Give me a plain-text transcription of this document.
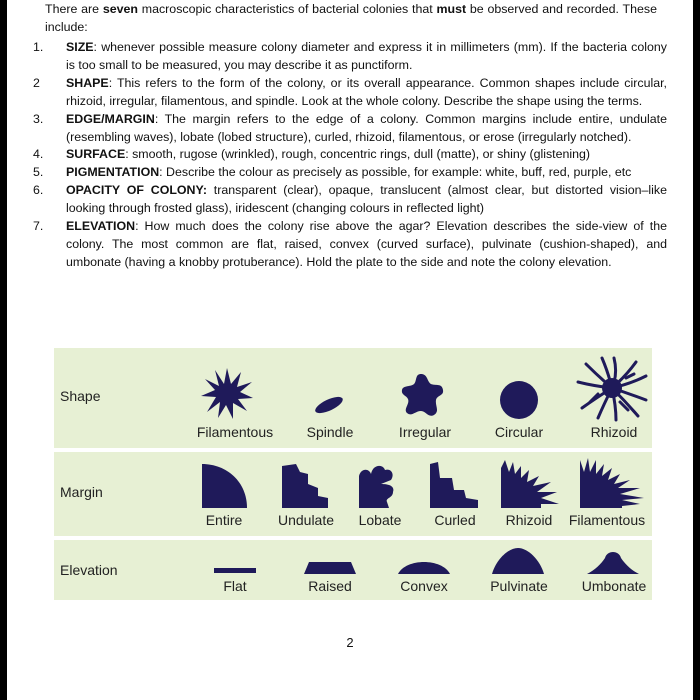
There are seven macroscopic characteristics of bacterial colonies that must be observed and recorded. These include:
1. SIZE: whenever possible measure colony diameter and express it in millimeters (mm). If the bacteria colony is too small to be measured, you may describe it as punctiform.
2 SHAPE: This refers to the form of the colony, or its overall appearance. Common shapes include circular, rhizoid, irregular, filamentous, and spindle. Look at the whole colony. Describe the shape using the terms.
3. EDGE/MARGIN: The margin refers to the edge of a colony. Common margins include entire, undulate (resembling waves), lobate (lobed structure), curled, rhizoid, filamentous, or erose (irregularly notched).
4. SURFACE: smooth, rugose (wrinkled), rough, concentric rings, dull (matte), or shiny (glistening)
5. PIGMENTATION: Describe the colour as precisely as possible, for example: white, buff, red, purple, etc
6. OPACITY OF COLONY: transparent (clear), opaque, translucent (almost clear, but distorted vision–like looking through frosted glass), iridescent (changing colours in reflected light)
7. ELEVATION: How much does the colony rise above the agar? Elevation describes the side-view of the colony. The most common are flat, raised, convex (curved surface), pulvinate (cushion-shaped), and umbonate (having a knobby protuberance). Hold the plate to the side and note the colony elevation.
Shape
Filamentous Spindle	Irregular	Circular	Rhizoid
Margin
Entire	Undulate Lobate Curled Rhizoid Filamentous
Elevation
Flat	Raised	Convex	Pulvinate Umbonate
2
